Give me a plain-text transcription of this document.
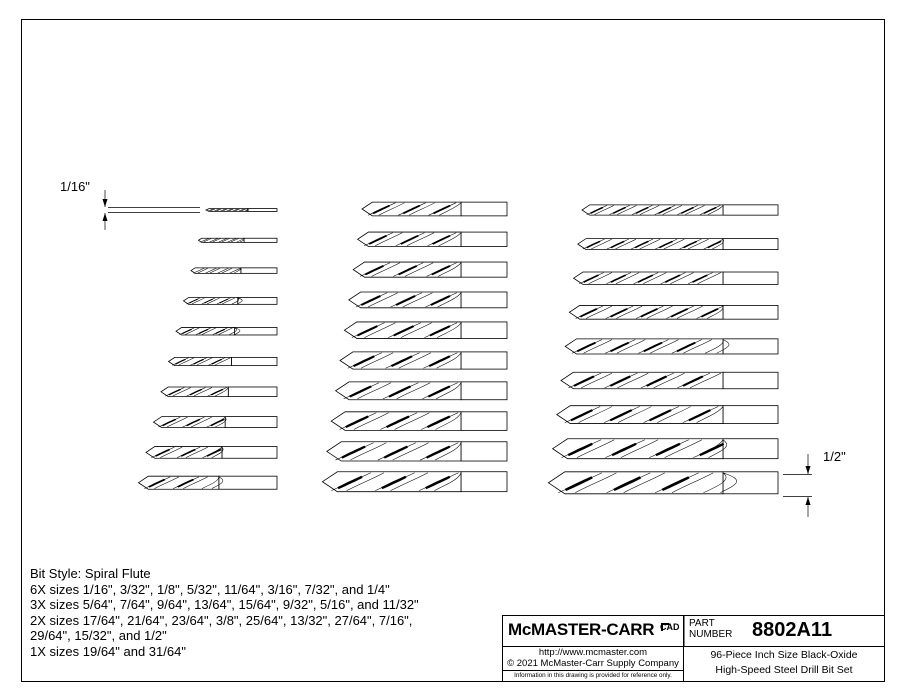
1/16"
1/2"
Bit Style: Spiral Flute
6X sizes 1/16", 3/32", 1/8", 5/32", 11/64", 3/16", 7/32", and 1/4"
3X sizes 5/64", 7/64", 9/64", 13/64", 15/64", 9/32", 5/16", and 11/32"
2X sizes 17/64", 21/64", 23/64", 3/8", 25/64", 13/32", 27/64", 7/16",
29/64", 15/32", and 1/2"
1X sizes 19/64" and 31/64"
McMASTER-CARR CAD PART
NUMBER 8802A11
http://www.mcmaster.com
© 2021 McMaster-Carr Supply Company
Information in this drawing is provided for reference only.
96-Piece Inch Size Black-Oxide
High-Speed Steel Drill Bit Set
